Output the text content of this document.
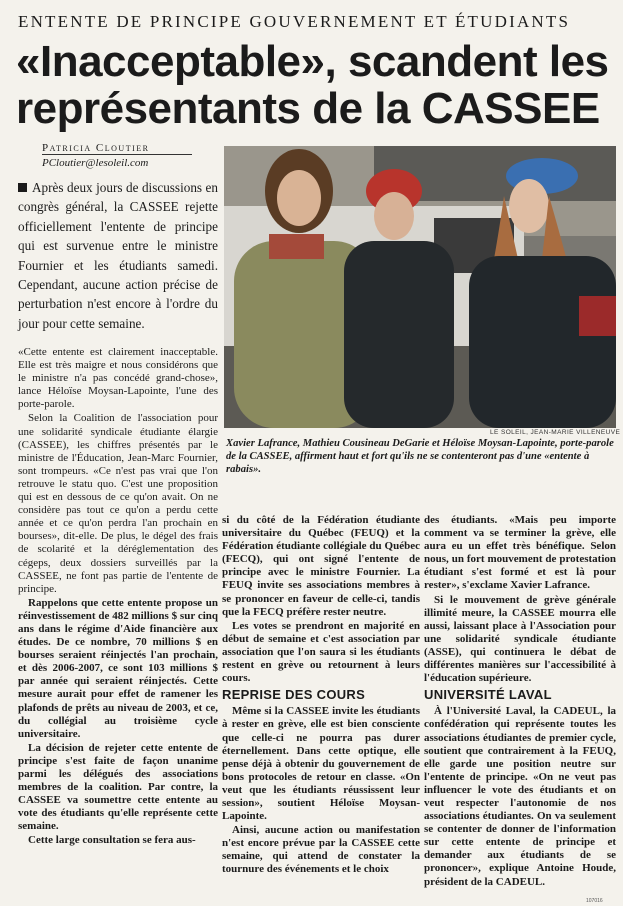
ENTENTE DE PRINCIPE GOUVERNEMENT ET ÉTUDIANTS
«Inacceptable», scandent les représentants de la CASSEE
Patricia Cloutier
PCloutier@lesoleil.com
Après deux jours de discussions en congrès général, la CASSEE rejette officiellement l'entente de principe qui est survenue entre le ministre Fournier et les étudiants samedi. Cependant, aucune action précise de perturbation n'est encore à l'ordre du jour pour cette semaine.
LE SOLEIL, JEAN-MARIE VILLENEUVE
Xavier Lafrance, Mathieu Cousineau DeGarie et Héloïse Moysan-Lapointe, porte-parole de la CASSEE, affirment haut et fort qu'ils ne se contenteront pas d'une «entente à rabais».

«Cette entente est clairement inacceptable. Elle est très maigre et nous considérons que le ministre n'a pas concédé grand-chose», lance Héloïse Moysan-Lapointe, l'une des porte-parole.

Selon la Coalition de l'association pour une solidarité syndicale étudiante élargie (CASSEE), les chiffres présentés par le ministre de l'Éducation, Jean-Marc Fournier, sont trompeurs. «Ce n'est pas vrai que l'on retrouve le statu quo. C'est une proposition qui est en dessous de ce qu'on avait. On ne considère pas tout ce qu'on a perdu cette année et ce qu'on perdra l'an prochain en bourses», dit-elle. De plus, le dégel des frais de scolarité et la déréglementation des cégeps, deux dossiers surveillés par la CASSEE, ne font pas partie de l'entente de principe.

Rappelons que cette entente propose un réinvestissement de 482 millions $ sur cinq ans dans le régime d'Aide financière aux études. De ce nombre, 70 millions $ en bourses seraient réinjectés l'an prochain, et dès 2006-2007, ce sont 103 millions $ par année qui seraient réinjectés. Cette mesure aurait pour effet de ramener les plafonds de prêts au niveau de 2003, et ce, du collégial au troisième cycle universitaire.

La décision de rejeter cette entente de principe s'est faite de façon unanime parmi les délégués des associations membres de la coalition. Par contre, la CASSEE va soumettre cette entente au vote des étudiants qu'elle représente cette semaine.

Cette large consultation se fera aus-

si du côté de la Fédération étudiante universitaire du Québec (FEUQ) et la Fédération étudiante collégiale du Québec (FECQ), qui ont signé l'entente de principe avec le ministre Fournier. La FEUQ invite ses associations membres à se prononcer en faveur de celle-ci, tandis que la FECQ préfère rester neutre.

Les votes se prendront en majorité en début de semaine et c'est association par association que l'on saura si les étudiants restent en grève ou retournent à leurs cours.

REPRISE DES COURS

Même si la CASSEE invite les étudiants à rester en grève, elle est bien consciente que celle-ci ne pourra pas durer éternellement. Dans cette optique, elle pense déjà à obtenir du gouvernement de bons protocoles de retour en classe. «On veut que les étudiants réussissent leur session», soutient Héloïse Moysan-Lapointe.

Ainsi, aucune action ou manifestation n'est encore prévue par la CASSEE cette semaine, qui attend de constater la tournure des événements et le choix

des étudiants. «Mais peu importe comment va se terminer la grève, elle aura eu un effet très bénéfique. Selon nous, un fort mouvement de protestation étudiant s'est formé et est là pour rester», s'exclame Xavier Lafrance.

Si le mouvement de grève générale illimité meure, la CASSEE mourra elle aussi, laissant place à l'Association pour une solidarité syndicale étudiante (ASSE), qui continuera le débat de différentes manières sur l'accessibilité à l'éducation supérieure.

UNIVERSITÉ LAVAL

À l'Université Laval, la CADEUL, la confédération qui représente toutes les associations étudiantes de premier cycle, soutient que contrairement à la FEUQ, elle garde une position neutre sur l'entente de principe. «On ne veut pas influencer le vote des étudiants et on veut respecter l'autonomie de nos associations étudiantes. On va seulement se contenter de donner de l'information sur cette entente de principe et demander aux étudiants de se prononcer», explique Antoine Houde, président de la CADEUL.

107016
